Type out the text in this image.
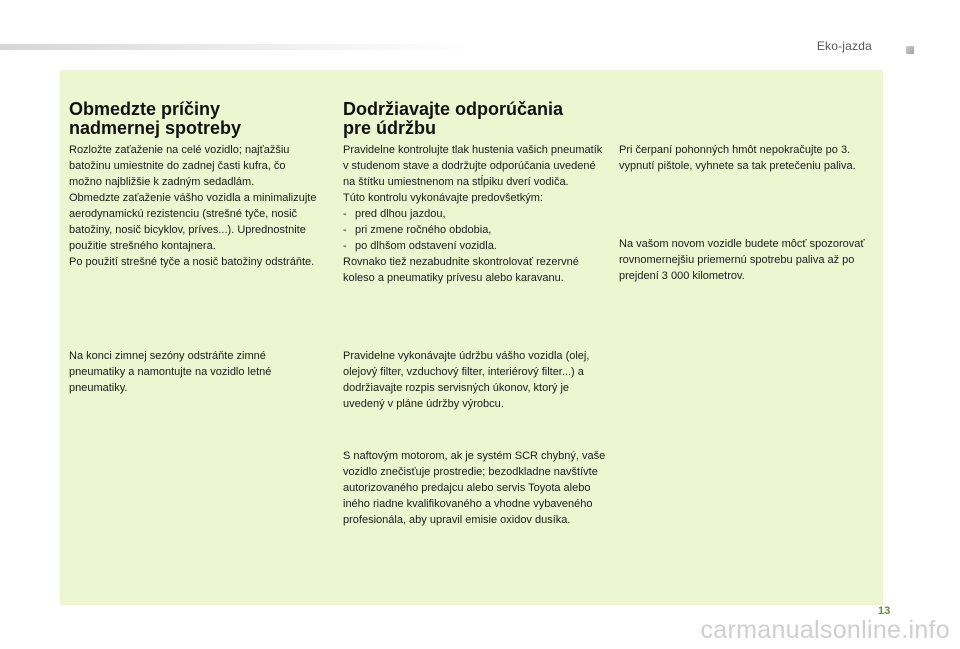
Eko-jazda
Obmedzte príčiny
nadmernej spotreby

Rozložte zaťaženie na celé vozidlo; najťažšiu batožinu umiestnite do zadnej časti kufra, čo možno najbližšie k zadným sedadlám.
Obmedzte zaťaženie vášho vozidla a minimalizujte aerodynamickú rezistenciu (strešné tyče, nosič batožiny, nosič bicyklov, príves...). Uprednostnite použitie strešného kontajnera.
Po použití strešné tyče a nosič batožiny odstráňte.

Na konci zimnej sezóny odstráňte zimné pneumatiky a namontujte na vozidlo letné pneumatiky.

Dodržiavajte odporúčania
pre údržbu
Pravidelne kontrolujte tlak hustenia vašich pneumatík v studenom stave a dodržujte odporúčania uvedené na štítku umiestnenom na stĺpiku dverí vodiča.
Túto kontrolu vykonávajte predovšetkým:
- pred dlhou jazdou,
- pri zmene ročného obdobia,
- po dlhšom odstavení vozidla.
Rovnako tiež nezabudnite skontrolovať rezervné koleso a pneumatiky prívesu alebo karavanu.

Pravidelne vykonávajte údržbu vášho vozidla (olej, olejový filter, vzduchový filter, interiérový filter...) a dodržiavajte rozpis servisných úkonov, ktorý je uvedený v pláne údržby výrobcu.

S naftovým motorom, ak je systém SCR chybný, vaše vozidlo znečisťuje prostredie; bezodkladne navštívte autorizovaného predajcu alebo servis Toyota alebo iného riadne kvalifikovaného a vhodne vybaveného profesionála, aby upravil emisie oxidov dusíka.

Pri čerpaní pohonných hmôt nepokračujte po 3. vypnutí pištole, vyhnete sa tak pretečeniu paliva.

Na vašom novom vozidle budete môcť spozorovať rovnomernejšiu priemernú spotrebu paliva až po prejdení 3 000 kilometrov.

13
carmanualsonline.info
